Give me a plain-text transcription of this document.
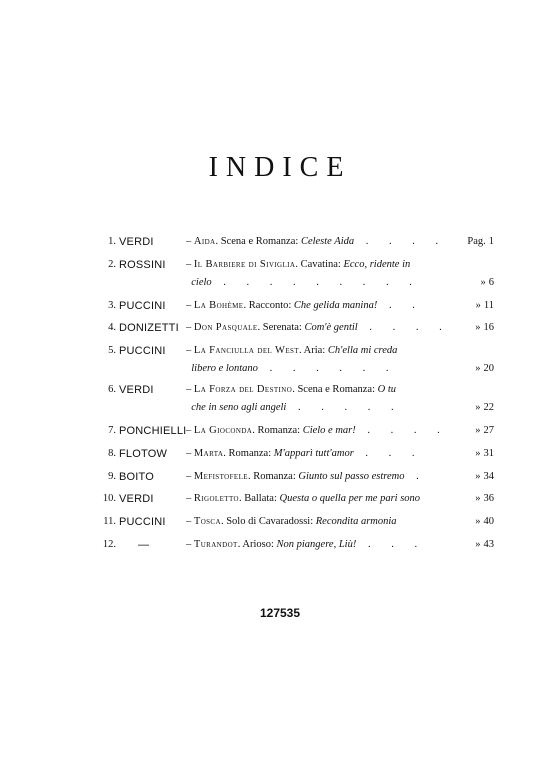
INDICE
1. VERDI	– Aida. Scena e Romanza: Celeste Aida . . . .	Pag. 1
2. ROSSINI – Il Barbiere di Siviglia. Cavatina: Ecco, ridente in
cielo . . . . . . . . .	» 6
3. PUCCINI – La Bohème. Racconto: Che gelida manina! . .	» 11
4. DONIZETTI – Don Pasquale. Serenata: Com'è gentil . . . .	» 16
5. PUCCINI – La Fanciulla del West. Aria: Ch'ella mi creda
libero e lontano . . . . . .	» 20
6. VERDI	– La Forza del Destino. Scena e Romanza: O tu
che in seno agli angeli . . . . .	» 22
7. PONCHIELLI – La Gioconda. Romanza: Cielo e mar! . . . .	» 27
8. FLOTOW – Marta. Romanza: M'apparì tutt'amor . . .	» 31
9. BOITO	– Mefistofele. Romanza: Giunto sul passo estremo .	» 34
10. VERDI	– Rigoletto. Ballata: Questa o quella per me pari sono	» 36
11. PUCCINI – Tosca. Solo di Cavaradossi: Recondita armonia	» 40
12. —	– Turandot. Arioso: Non piangere, Liù! . . .	» 43
127535
